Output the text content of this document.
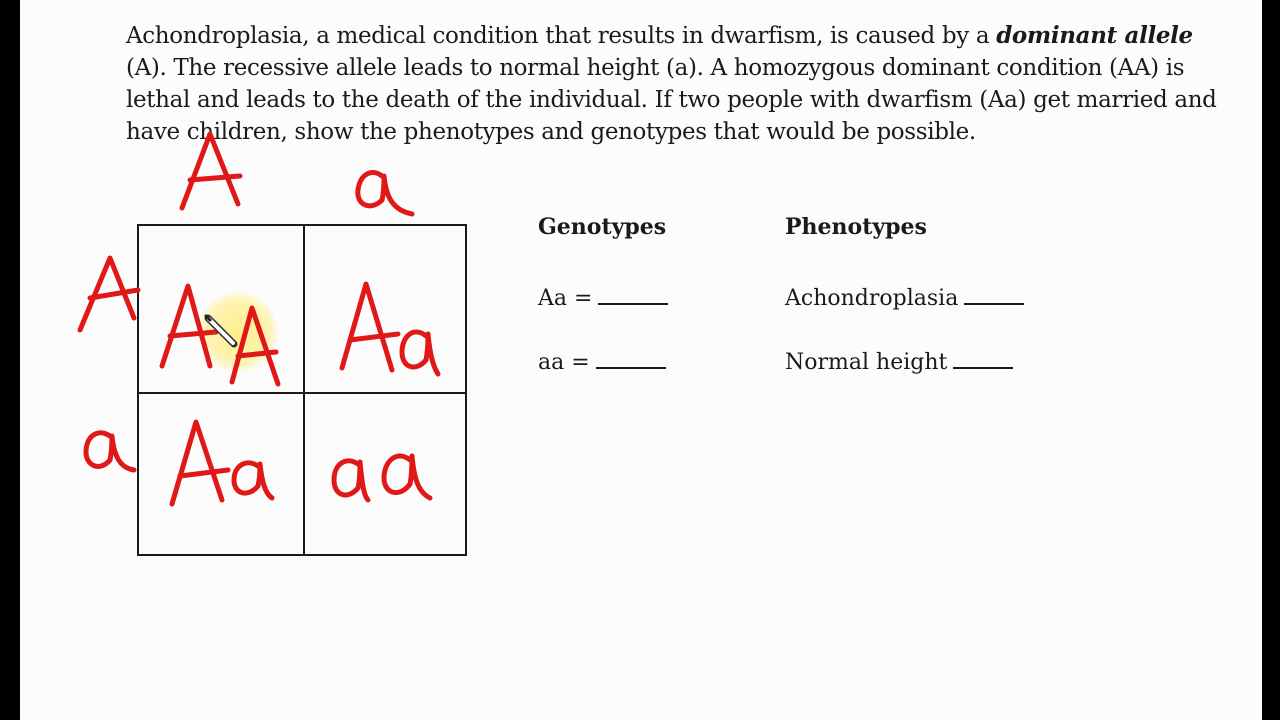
Achondroplasia, a medical condition that results in dwarfism, is caused by a dominant allele
(A). The recessive allele leads to normal height (a). A homozygous dominant condition (AA) is
lethal and leads to the death of the individual. If two people with dwarfism (Aa) get married and
have children, show the phenotypes and genotypes that would be possible.
Genotypes	Phenotypes
Aa =
aa =
Achondroplasia
Normal height
